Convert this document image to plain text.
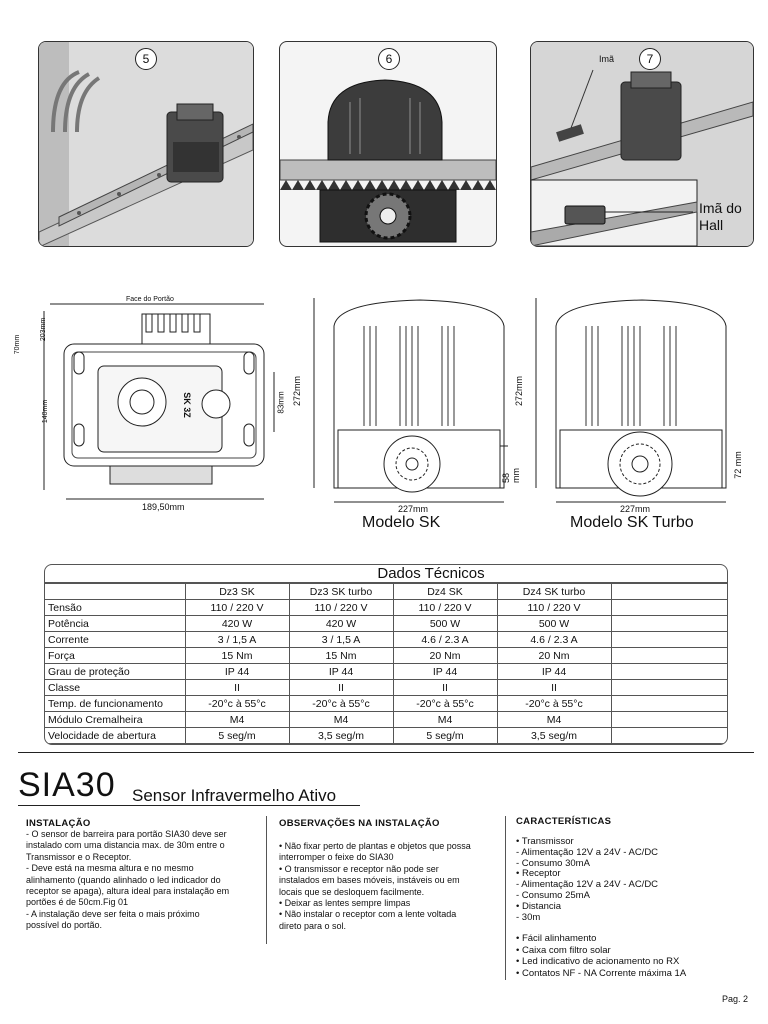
5	6	Imã	7
Imã do Hall
Face do Portão
70mm
203mm
140mm	83mm
SK 3Z
189,50mm
272mm
58 mm
227mm
Modelo SK
272mm
72 mm
227mm
Modelo SK Turbo
Dados Técnicos
	Dz3 SK	Dz3 SK turbo	Dz4 SK	Dz4 SK turbo	
Tensão	110 / 220 V	110 / 220 V	110 / 220 V	110 / 220 V	
Potência	420 W	420 W	500 W	500 W	
Corrente	3 / 1,5 A	3 / 1,5 A	4.6 / 2.3 A	4.6 / 2.3 A	
Força	15 Nm	15 Nm	20 Nm	20 Nm	
Grau de proteção	IP 44	IP 44	IP 44	IP 44	
Classe	II	II	II	II	
Temp. de funcionamento	-20°c à 55°c	-20°c à 55°c	-20°c à 55°c	-20°c à 55°c	
Módulo Cremalheira	M4	M4	M4	M4	
Velocidade de abertura	5 seg/m	3,5 seg/m	5 seg/m	3,5 seg/m	
SIA30 Sensor Infravermelho Ativo
INSTALAÇÃO

- O sensor de barreira para portão SIA30 deve ser

instalado com uma distancia max. de 30m entre o

Transmissor e o Receptor.

- Deve está na mesma altura e no mesmo

alinhamento (quando alinhado o led indicador do

receptor se apaga), altura ideal para instalação em

portões é de 50cm.Fig 01

- A instalação deve ser feita o mais próximo

possível do portão.

OBSERVAÇÕES NA INSTALAÇÃO

• Não fixar perto de plantas e objetos que possa

interromper o feixe do SIA30

• O transmissor e receptor não pode ser

instalados em bases móveis, instáveis ou em

locais que se desloquem facilmente.

• Deixar as lentes sempre limpas

• Não instalar o receptor com a lente voltada

direto para o sol.

CARACTERÍSTICAS

• Transmissor

- Alimentação 12V a 24V - AC/DC

- Consumo 30mA

• Receptor

- Alimentação 12V a 24V - AC/DC

- Consumo 25mA

• Distancia

- 30m

• Fácil alinhamento

• Caixa com filtro solar

• Led indicativo de acionamento no RX

• Contatos NF - NA Corrente máxima 1A

Pag. 2
